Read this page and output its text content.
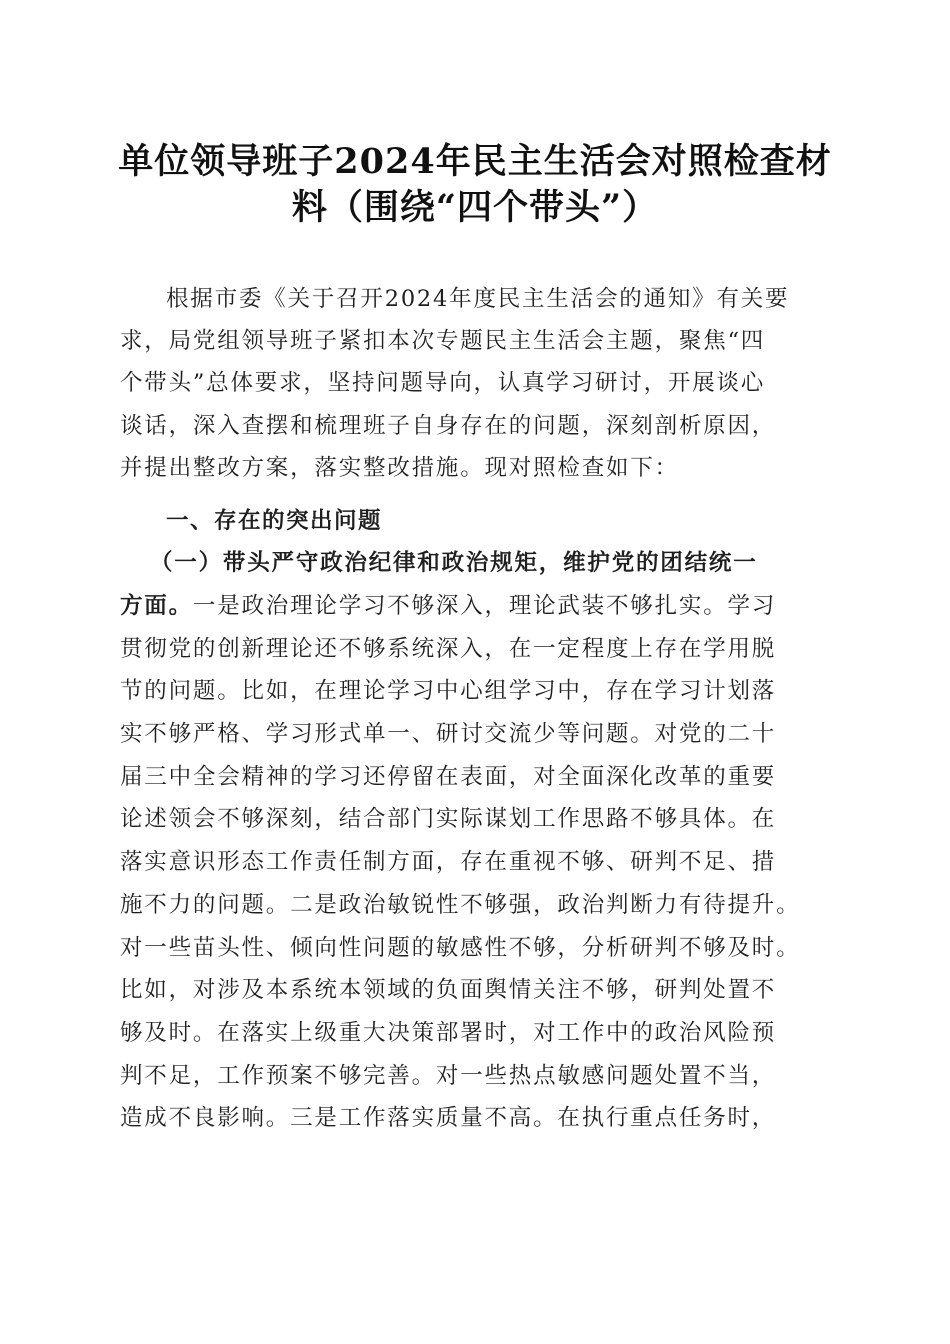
单位领导班子2024年民主生活会对照检查材
料（围绕“四个带头”）
根据市委《关于召开2024年度民主生活会的通知》有关要
求，局党组领导班子紧扣本次专题民主生活会主题，聚焦“四
个带头”总体要求，坚持问题导向，认真学习研讨，开展谈心
谈话，深入查摆和梳理班子自身存在的问题，深刻剖析原因，
并提出整改方案，落实整改措施。现对照检查如下：
一、存在的突出问题
（一）带头严守政治纪律和政治规矩，维护党的团结统一
方面。一是政治理论学习不够深入，理论武装不够扎实。学习
贯彻党的创新理论还不够系统深入，在一定程度上存在学用脱
节的问题。比如，在理论学习中心组学习中，存在学习计划落
实不够严格、学习形式单一、研讨交流少等问题。对党的二十
届三中全会精神的学习还停留在表面，对全面深化改革的重要
论述领会不够深刻，结合部门实际谋划工作思路不够具体。在
落实意识形态工作责任制方面，存在重视不够、研判不足、措
施不力的问题。二是政治敏锐性不够强，政治判断力有待提升。
对一些苗头性、倾向性问题的敏感性不够，分析研判不够及时。
比如，对涉及本系统本领域的负面舆情关注不够，研判处置不
够及时。在落实上级重大决策部署时，对工作中的政治风险预
判不足，工作预案不够完善。对一些热点敏感问题处置不当，
造成不良影响。三是工作落实质量不高。在执行重点任务时，
